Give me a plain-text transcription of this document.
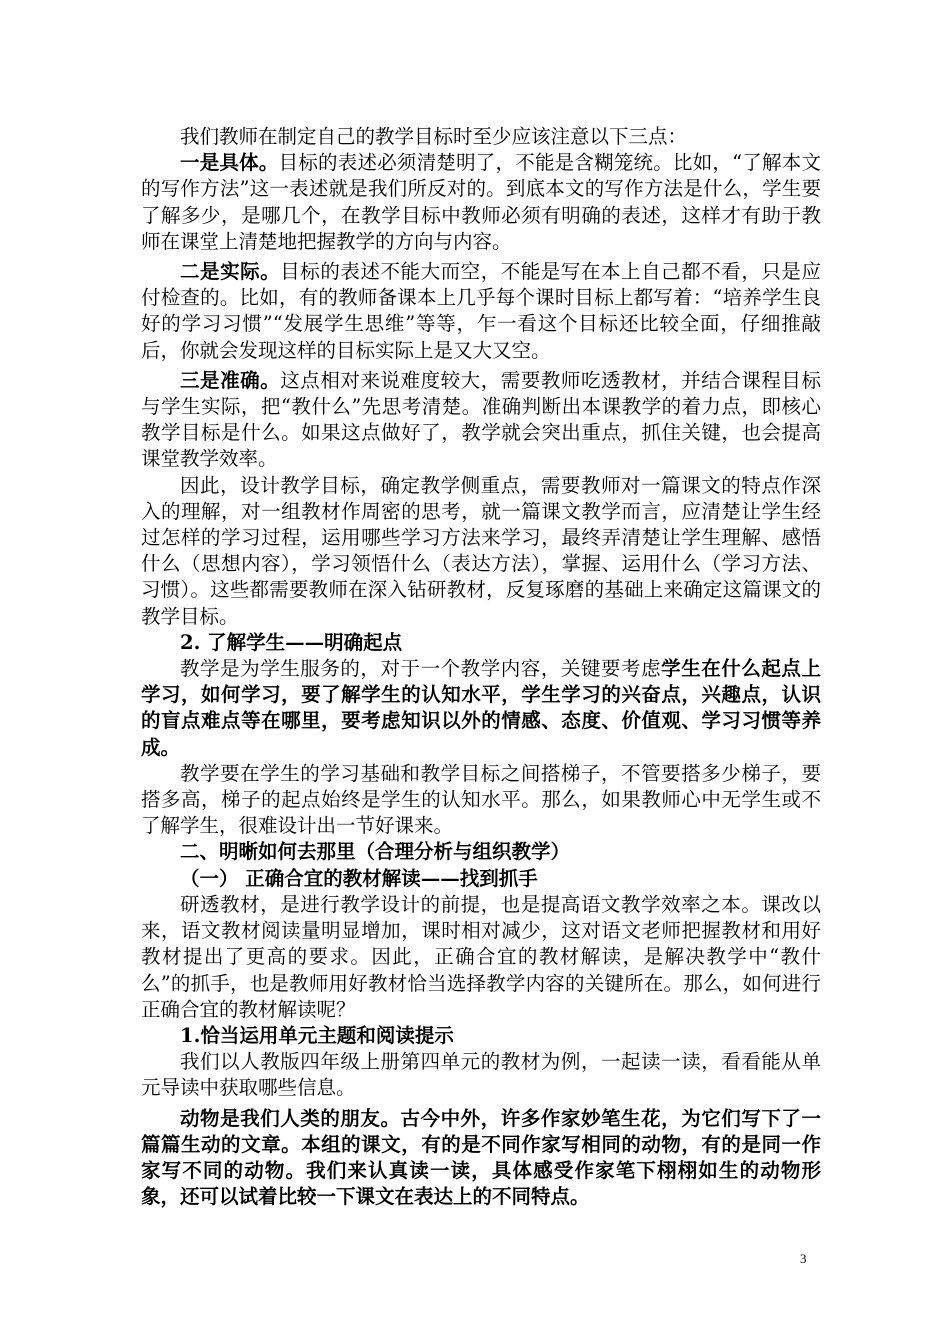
我们教师在制定自己的教学目标时至少应该注意以下三点：

一是具体。目标的表述必须清楚明了，不能是含糊笼统。比如，“了解本文的写作方法”这一表述就是我们所反对的。到底本文的写作方法是什么，学生要了解多少，是哪几个，在教学目标中教师必须有明确的表述，这样才有助于教师在课堂上清楚地把握教学的方向与内容。

二是实际。目标的表述不能大而空，不能是写在本上自己都不看，只是应付检查的。比如，有的教师备课本上几乎每个课时目标上都写着：“培养学生良好的学习习惯”“发展学生思维”等等，乍一看这个目标还比较全面，仔细推敲后，你就会发现这样的目标实际上是又大又空。

三是准确。这点相对来说难度较大，需要教师吃透教材，并结合课程目标与学生实际，把“教什么”先思考清楚。准确判断出本课教学的着力点，即核心教学目标是什么。如果这点做好了，教学就会突出重点，抓住关键，也会提高课堂教学效率。

因此，设计教学目标，确定教学侧重点，需要教师对一篇课文的特点作深入的理解，对一组教材作周密的思考，就一篇课文教学而言，应清楚让学生经过怎样的学习过程，运用哪些学习方法来学习，最终弄清楚让学生理解、感悟什么（思想内容），学习领悟什么（表达方法），掌握、运用什么（学习方法、习惯）。这些都需要教师在深入钻研教材，反复琢磨的基础上来确定这篇课文的教学目标。

2. 了解学生——明确起点

教学是为学生服务的，对于一个教学内容，关键要考虑学生在什么起点上学习，如何学习，要了解学生的认知水平，学生学习的兴奋点，兴趣点，认识的盲点难点等在哪里，要考虑知识以外的情感、态度、价值观、学习习惯等养成。

教学要在学生的学习基础和教学目标之间搭梯子，不管要搭多少梯子，要搭多高，梯子的起点始终是学生的认知水平。那么，如果教师心中无学生或不了解学生，很难设计出一节好课来。

二、明晰如何去那里（合理分析与组织教学）

（一） 正确合宜的教材解读——找到抓手

研透教材，是进行教学设计的前提，也是提高语文教学效率之本。课改以来，语文教材阅读量明显增加，课时相对减少，这对语文老师把握教材和用好教材提出了更高的要求。因此，正确合宜的教材解读，是解决教学中“教什么”的抓手，也是教师用好教材恰当选择教学内容的关键所在。那么，如何进行正确合宜的教材解读呢？

1.恰当运用单元主题和阅读提示

我们以人教版四年级上册第四单元的教材为例，一起读一读，看看能从单元导读中获取哪些信息。

动物是我们人类的朋友。古今中外，许多作家妙笔生花，为它们写下了一篇篇生动的文章。本组的课文，有的是不同作家写相同的动物，有的是同一作家写不同的动物。我们来认真读一读，具体感受作家笔下栩栩如生的动物形象，还可以试着比较一下课文在表达上的不同特点。

3
